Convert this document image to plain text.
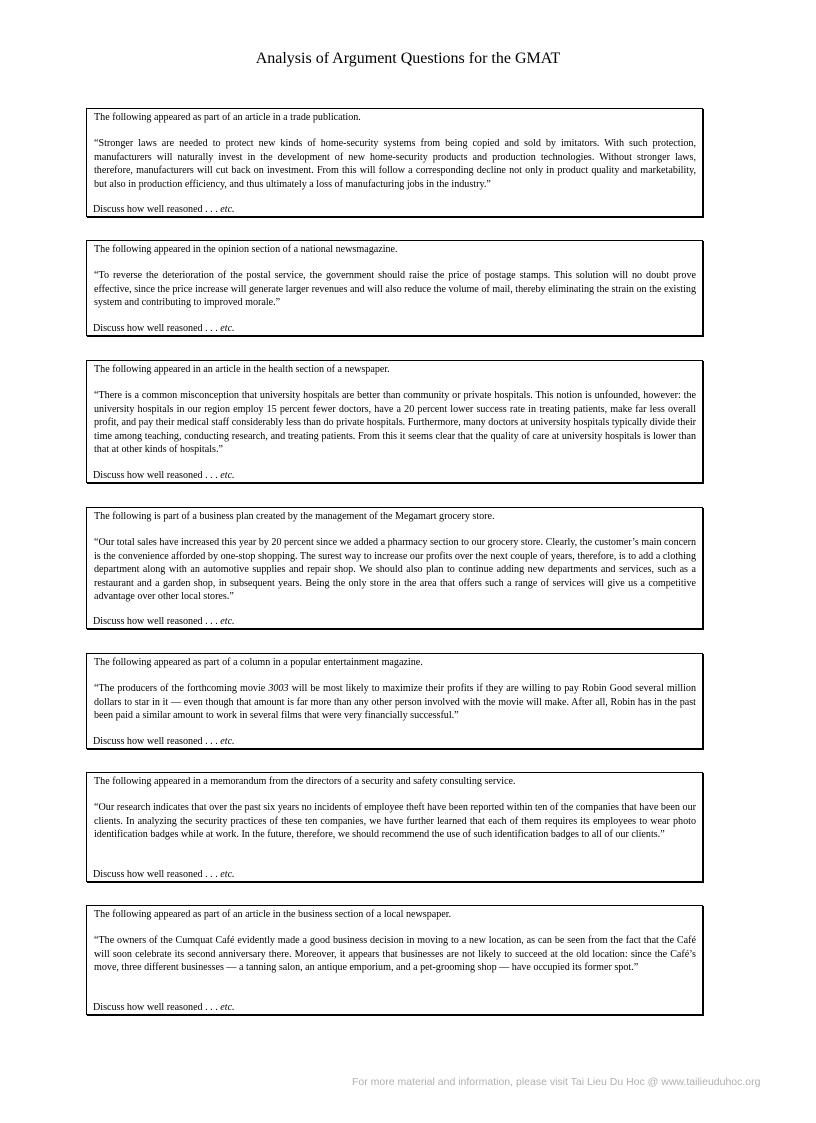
Analysis of Argument Questions for the GMAT

The following appeared as part of an article in a trade publication.

“Stronger laws are needed to protect new kinds of home-security systems from being copied and sold by imitators. With such protection, manufacturers will naturally invest in the development of new home-security products and production technologies. Without stronger laws, therefore, manufacturers will cut back on investment. From this will follow a corresponding decline not only in product quality and marketability, but also in production efficiency, and thus ultimately a loss of manufacturing jobs in the industry.”

Discuss how well reasoned . . . etc.

The following appeared in the opinion section of a national newsmagazine.

“To reverse the deterioration of the postal service, the government should raise the price of postage stamps. This solution will no doubt prove effective, since the price increase will generate larger revenues and will also reduce the volume of mail, thereby eliminating the strain on the existing system and contributing to improved morale.”

Discuss how well reasoned . . . etc.

The following appeared in an article in the health section of a newspaper.

“There is a common misconception that university hospitals are better than community or private hospitals. This notion is unfounded, however: the university hospitals in our region employ 15 percent fewer doctors, have a 20 percent lower success rate in treating patients, make far less overall profit, and pay their medical staff considerably less than do private hospitals. Furthermore, many doctors at university hospitals typically divide their time among teaching, conducting research, and treating patients. From this it seems clear that the quality of care at university hospitals is lower than that at other kinds of hospitals.”

Discuss how well reasoned . . . etc.

The following is part of a business plan created by the management of the Megamart grocery store.

“Our total sales have increased this year by 20 percent since we added a pharmacy section to our grocery store. Clearly, the customer’s main concern is the convenience afforded by one-stop shopping. The surest way to increase our profits over the next couple of years, therefore, is to add a clothing department along with an automotive supplies and repair shop. We should also plan to continue adding new departments and services, such as a restaurant and a garden shop, in subsequent years. Being the only store in the area that offers such a range of services will give us a competitive advantage over other local stores.”

Discuss how well reasoned . . . etc.

The following appeared as part of a column in a popular entertainment magazine.

“The producers of the forthcoming movie 3003 will be most likely to maximize their profits if they are willing to pay Robin Good several million dollars to star in it — even though that amount is far more than any other person involved with the movie will make. After all, Robin has in the past been paid a similar amount to work in several films that were very financially successful.”

Discuss how well reasoned . . . etc.

The following appeared in a memorandum from the directors of a security and safety consulting service.

“Our research indicates that over the past six years no incidents of employee theft have been reported within ten of the companies that have been our clients. In analyzing the security practices of these ten companies, we have further learned that each of them requires its employees to wear photo identification badges while at work. In the future, therefore, we should recommend the use of such identification badges to all of our clients.”

Discuss how well reasoned . . . etc.

The following appeared as part of an article in the business section of a local newspaper.

“The owners of the Cumquat Café evidently made a good business decision in moving to a new location, as can be seen from the fact that the Café will soon celebrate its second anniversary there. Moreover, it appears that businesses are not likely to succeed at the old location: since the Café’s move, three different businesses — a tanning salon, an antique emporium, and a pet-grooming shop — have occupied its former spot.”

Discuss how well reasoned . . . etc.

For more material and information, please visit Tai Lieu Du Hoc @ www.tailieuduhoc.org
